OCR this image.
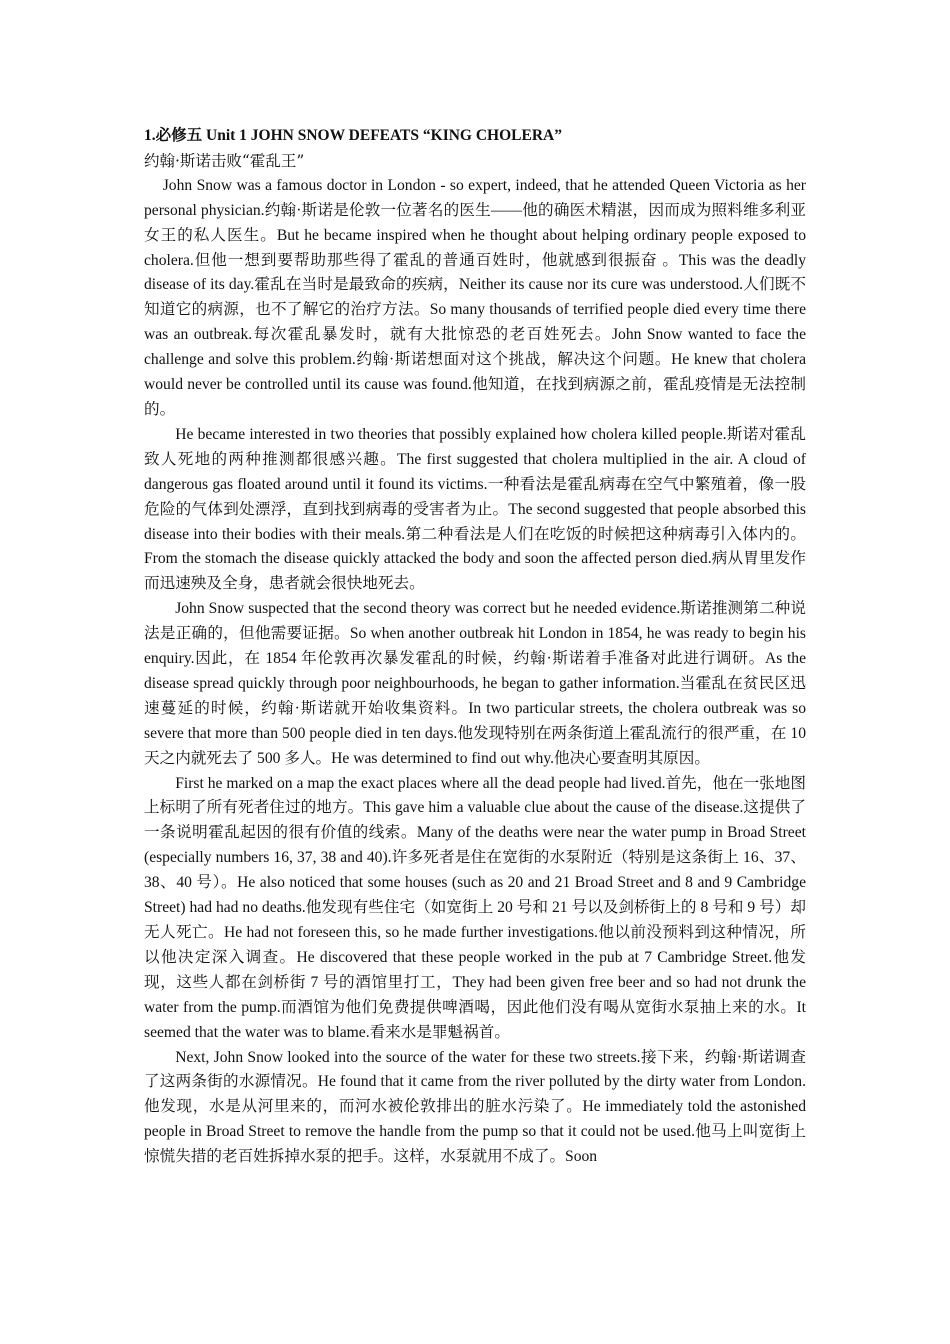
1.必修五 Unit 1 JOHN SNOW DEFEATS “KING CHOLERA”

约翰·斯诺击败“霍乱王”

John Snow was a famous doctor in London - so expert, indeed, that he attended Queen Victoria as her personal physician.约翰·斯诺是伦敦一位著名的医生——他的确医术精湛，因而成为照料维多利亚女王的私人医生。But he became inspired when he thought about helping ordinary people exposed to cholera.但他一想到要帮助那些得了霍乱的普通百姓时，他就感到很振奋 。This was the deadly disease of its day.霍乱在当时是最致命的疾病，Neither its cause nor its cure was understood.人们既不知道它的病源，也不了解它的治疗方法。So many thousands of terrified people died every time there was an outbreak.每次霍乱暴发时，就有大批惊恐的老百姓死去。John Snow wanted to face the challenge and solve this problem.约翰·斯诺想面对这个挑战，解决这个问题。He knew that cholera would never be controlled until its cause was found.他知道，在找到病源之前，霍乱疫情是无法控制的。

He became interested in two theories that possibly explained how cholera killed people.斯诺对霍乱致人死地的两种推测都很感兴趣。The first suggested that cholera multiplied in the air. A cloud of dangerous gas floated around until it found its victims.一种看法是霍乱病毒在空气中繁殖着，像一股危险的气体到处漂浮，直到找到病毒的受害者为止。The second suggested that people absorbed this disease into their bodies with their meals.第二种看法是人们在吃饭的时候把这种病毒引入体内的。From the stomach the disease quickly attacked the body and soon the affected person died.病从胃里发作而迅速殃及全身，患者就会很快地死去。

John Snow suspected that the second theory was correct but he needed evidence.斯诺推测第二种说法是正确的，但他需要证据。So when another outbreak hit London in 1854, he was ready to begin his enquiry.因此，在 1854 年伦敦再次暴发霍乱的时候，约翰·斯诺着手准备对此进行调研。As the disease spread quickly through poor neighbourhoods, he began to gather information.当霍乱在贫民区迅速蔓延的时候，约翰·斯诺就开始收集资料。In two particular streets, the cholera outbreak was so severe that more than 500 people died in ten days.他发现特别在两条街道上霍乱流行的很严重，在 10 天之内就死去了 500 多人。He was determined to find out why.他决心要查明其原因。

First he marked on a map the exact places where all the dead people had lived.首先，他在一张地图上标明了所有死者住过的地方。This gave him a valuable clue about the cause of the disease.这提供了一条说明霍乱起因的很有价值的线索。Many of the deaths were near the water pump in Broad Street (especially numbers 16, 37, 38 and 40).许多死者是住在宽街的水泵附近（特别是这条街上 16、37、38、40 号）。He also noticed that some houses (such as 20 and 21 Broad Street and 8 and 9 Cambridge Street) had had no deaths.他发现有些住宅（如宽街上 20 号和 21 号以及剑桥街上的 8 号和 9 号）却无人死亡。He had not foreseen this, so he made further investigations.他以前没预料到这种情况，所以他决定深入调查。He discovered that these people worked in the pub at 7 Cambridge Street.他发现，这些人都在剑桥街 7 号的酒馆里打工，They had been given free beer and so had not drunk the water from the pump.而酒馆为他们免费提供啤酒喝，因此他们没有喝从宽街水泵抽上来的水。It seemed that the water was to blame.看来水是罪魁祸首。

Next, John Snow looked into the source of the water for these two streets.接下来，约翰·斯诺调查了这两条街的水源情况。He found that it came from the river polluted by the dirty water from London.他发现，水是从河里来的，而河水被伦敦排出的脏水污染了。He immediately told the astonished people in Broad Street to remove the handle from the pump so that it could not be used.他马上叫宽街上惊慌失措的老百姓拆掉水泵的把手。这样，水泵就用不成了。Soon
